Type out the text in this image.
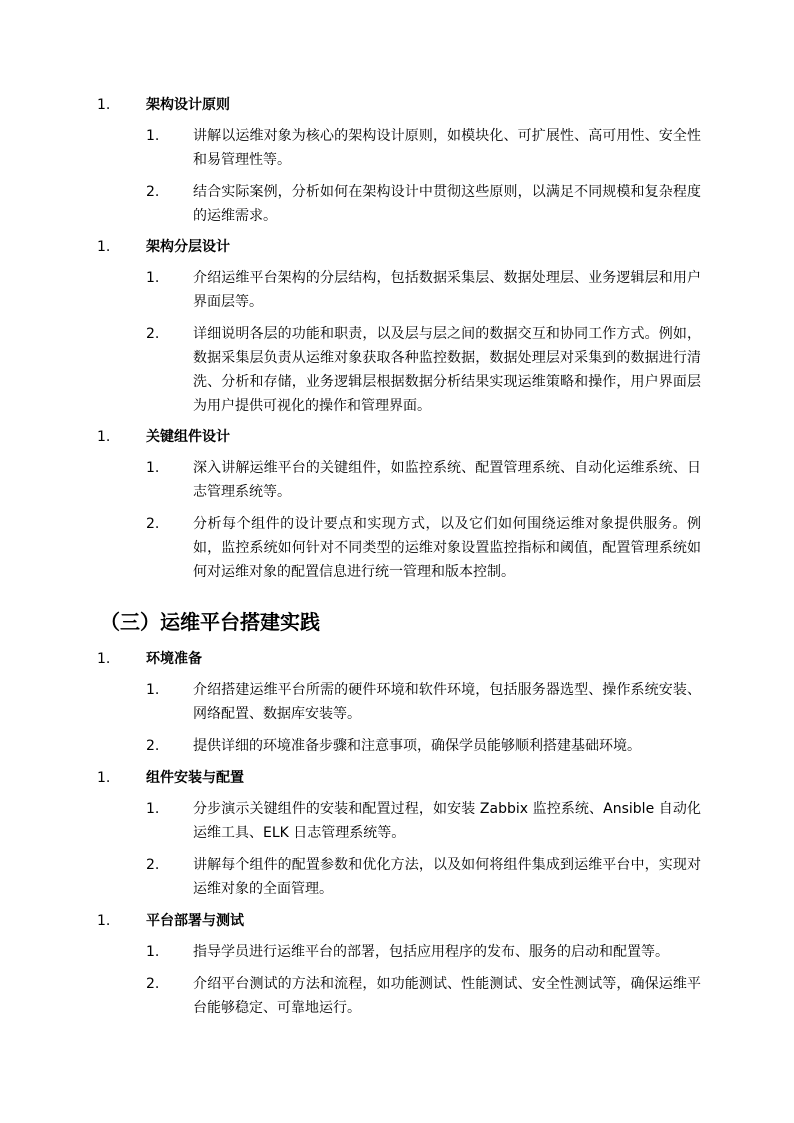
1.	架构设计原则
1. 讲解以运维对象为核心的架构设计原则，如模块化、可扩展性、高可用性、安全性和易管理性等。
2. 结合实际案例，分析如何在架构设计中贯彻这些原则，以满足不同规模和复杂程度的运维需求。
1.	架构分层设计
1. 介绍运维平台架构的分层结构，包括数据采集层、数据处理层、业务逻辑层和用户界面层等。
2. 详细说明各层的功能和职责，以及层与层之间的数据交互和协同工作方式。例如，数据采集层负责从运维对象获取各种监控数据，数据处理层对采集到的数据进行清洗、分析和存储，业务逻辑层根据数据分析结果实现运维策略和操作，用户界面层为用户提供可视化的操作和管理界面。
1.	关键组件设计
1. 深入讲解运维平台的关键组件，如监控系统、配置管理系统、自动化运维系统、日志管理系统等。
2. 分析每个组件的设计要点和实现方式，以及它们如何围绕运维对象提供服务。例如，监控系统如何针对不同类型的运维对象设置监控指标和阈值，配置管理系统如何对运维对象的配置信息进行统一管理和版本控制。
（三）运维平台搭建实践
1.	环境准备
1. 介绍搭建运维平台所需的硬件环境和软件环境，包括服务器选型、操作系统安装、网络配置、数据库安装等。
2. 提供详细的环境准备步骤和注意事项，确保学员能够顺利搭建基础环境。
1.	组件安装与配置
1. 分步演示关键组件的安装和配置过程，如安装 Zabbix 监控系统、Ansible 自动化运维工具、ELK 日志管理系统等。
2. 讲解每个组件的配置参数和优化方法，以及如何将组件集成到运维平台中，实现对运维对象的全面管理。
1.	平台部署与测试
1. 指导学员进行运维平台的部署，包括应用程序的发布、服务的启动和配置等。
2. 介绍平台测试的方法和流程，如功能测试、性能测试、安全性测试等，确保运维平台能够稳定、可靠地运行。
